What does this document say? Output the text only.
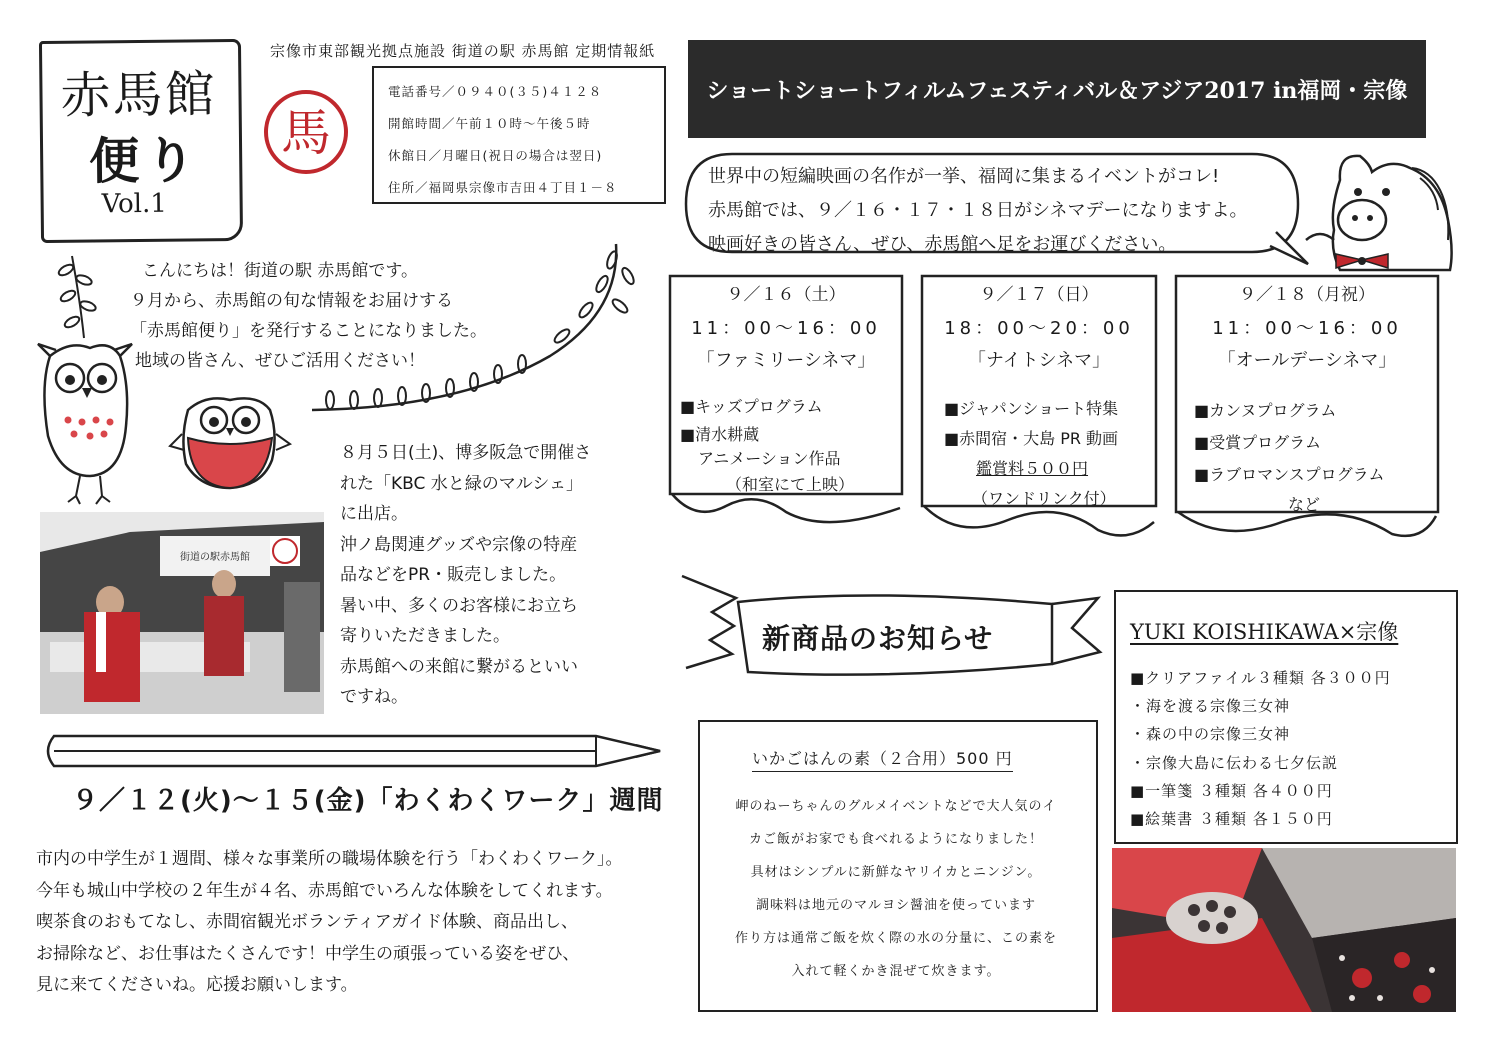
赤馬館
便り
Vol.1
馬
宗像市東部観光拠点施設 街道の駅 赤馬館 定期情報紙
電話番号／０９４０(３５)４１２８
開館時間／午前１０時〜午後５時
休館日／月曜日(祝日の場合は翌日)
住所／福岡県宗像市吉田４丁目１－８
ショートショートフィルムフェスティバル＆アジア2017 in福岡・宗像
世界中の短編映画の名作が一挙、福岡に集まるイベントがコレ!
赤馬館では、９／１６・１７・１８日がシネマデーになりますよ。
映画好きの皆さん、ぜひ、赤馬館へ足をお運びください。
９／１６（土）
11：00〜16：00
「ファミリーシネマ」
■キッズプログラム
■清水耕蔵
アニメーション作品
（和室にて上映）
９／１７（日）
18：00〜20：00
「ナイトシネマ」
■ジャパンショート特集
■赤間宿・大島 PR 動画
鑑賞料５００円
（ワンドリンク付）
９／１８（月祝）
11：00〜16：00
「オールデーシネマ」
■カンヌプログラム
■受賞プログラム
■ラブロマンスプログラム
など
こんにちは！街道の駅 赤馬館です。
９月から、赤馬館の旬な情報をお届けする
「赤馬館便り」を発行することになりました。
地域の皆さん、ぜひご活用ください！
街道の駅赤馬館
８月５日(土)、博多阪急で開催さ
れた「KBC 水と緑のマルシェ」
に出店。
沖ノ島関連グッズや宗像の特産
品などをPR・販売しました。
暑い中、多くのお客様にお立ち
寄りいただきました。
赤馬館への来館に繋がるといい
ですね。
９／１２(火)〜１５(金)「わくわくワーク」週間
市内の中学生が１週間、様々な事業所の職場体験を行う「わくわくワーク」。
今年も城山中学校の２年生が４名、赤馬館でいろんな体験をしてくれます。
喫茶食のおもてなし、赤間宿観光ボランティアガイド体験、商品出し、
お掃除など、お仕事はたくさんです！中学生の頑張っている姿をぜひ、
見に来てくださいね。応援お願いします。
新商品のお知らせ
いかごはんの素（２合用）500 円
岬のねーちゃんのグルメイベントなどで大人気のイ
カご飯がお家でも食べれるようになりました！
具材はシンプルに新鮮なヤリイカとニンジン。
調味料は地元のマルヨシ醤油を使っています
作り方は通常ご飯を炊く際の水の分量に、この素を
入れて軽くかき混ぜて炊きます。
YUKI KOISHIKAWA×宗像
■クリアファイル３種類 各３００円
・海を渡る宗像三女神
・森の中の宗像三女神
・宗像大島に伝わる七夕伝説
■一筆箋 ３種類 各４００円
■絵葉書 ３種類 各１５０円
